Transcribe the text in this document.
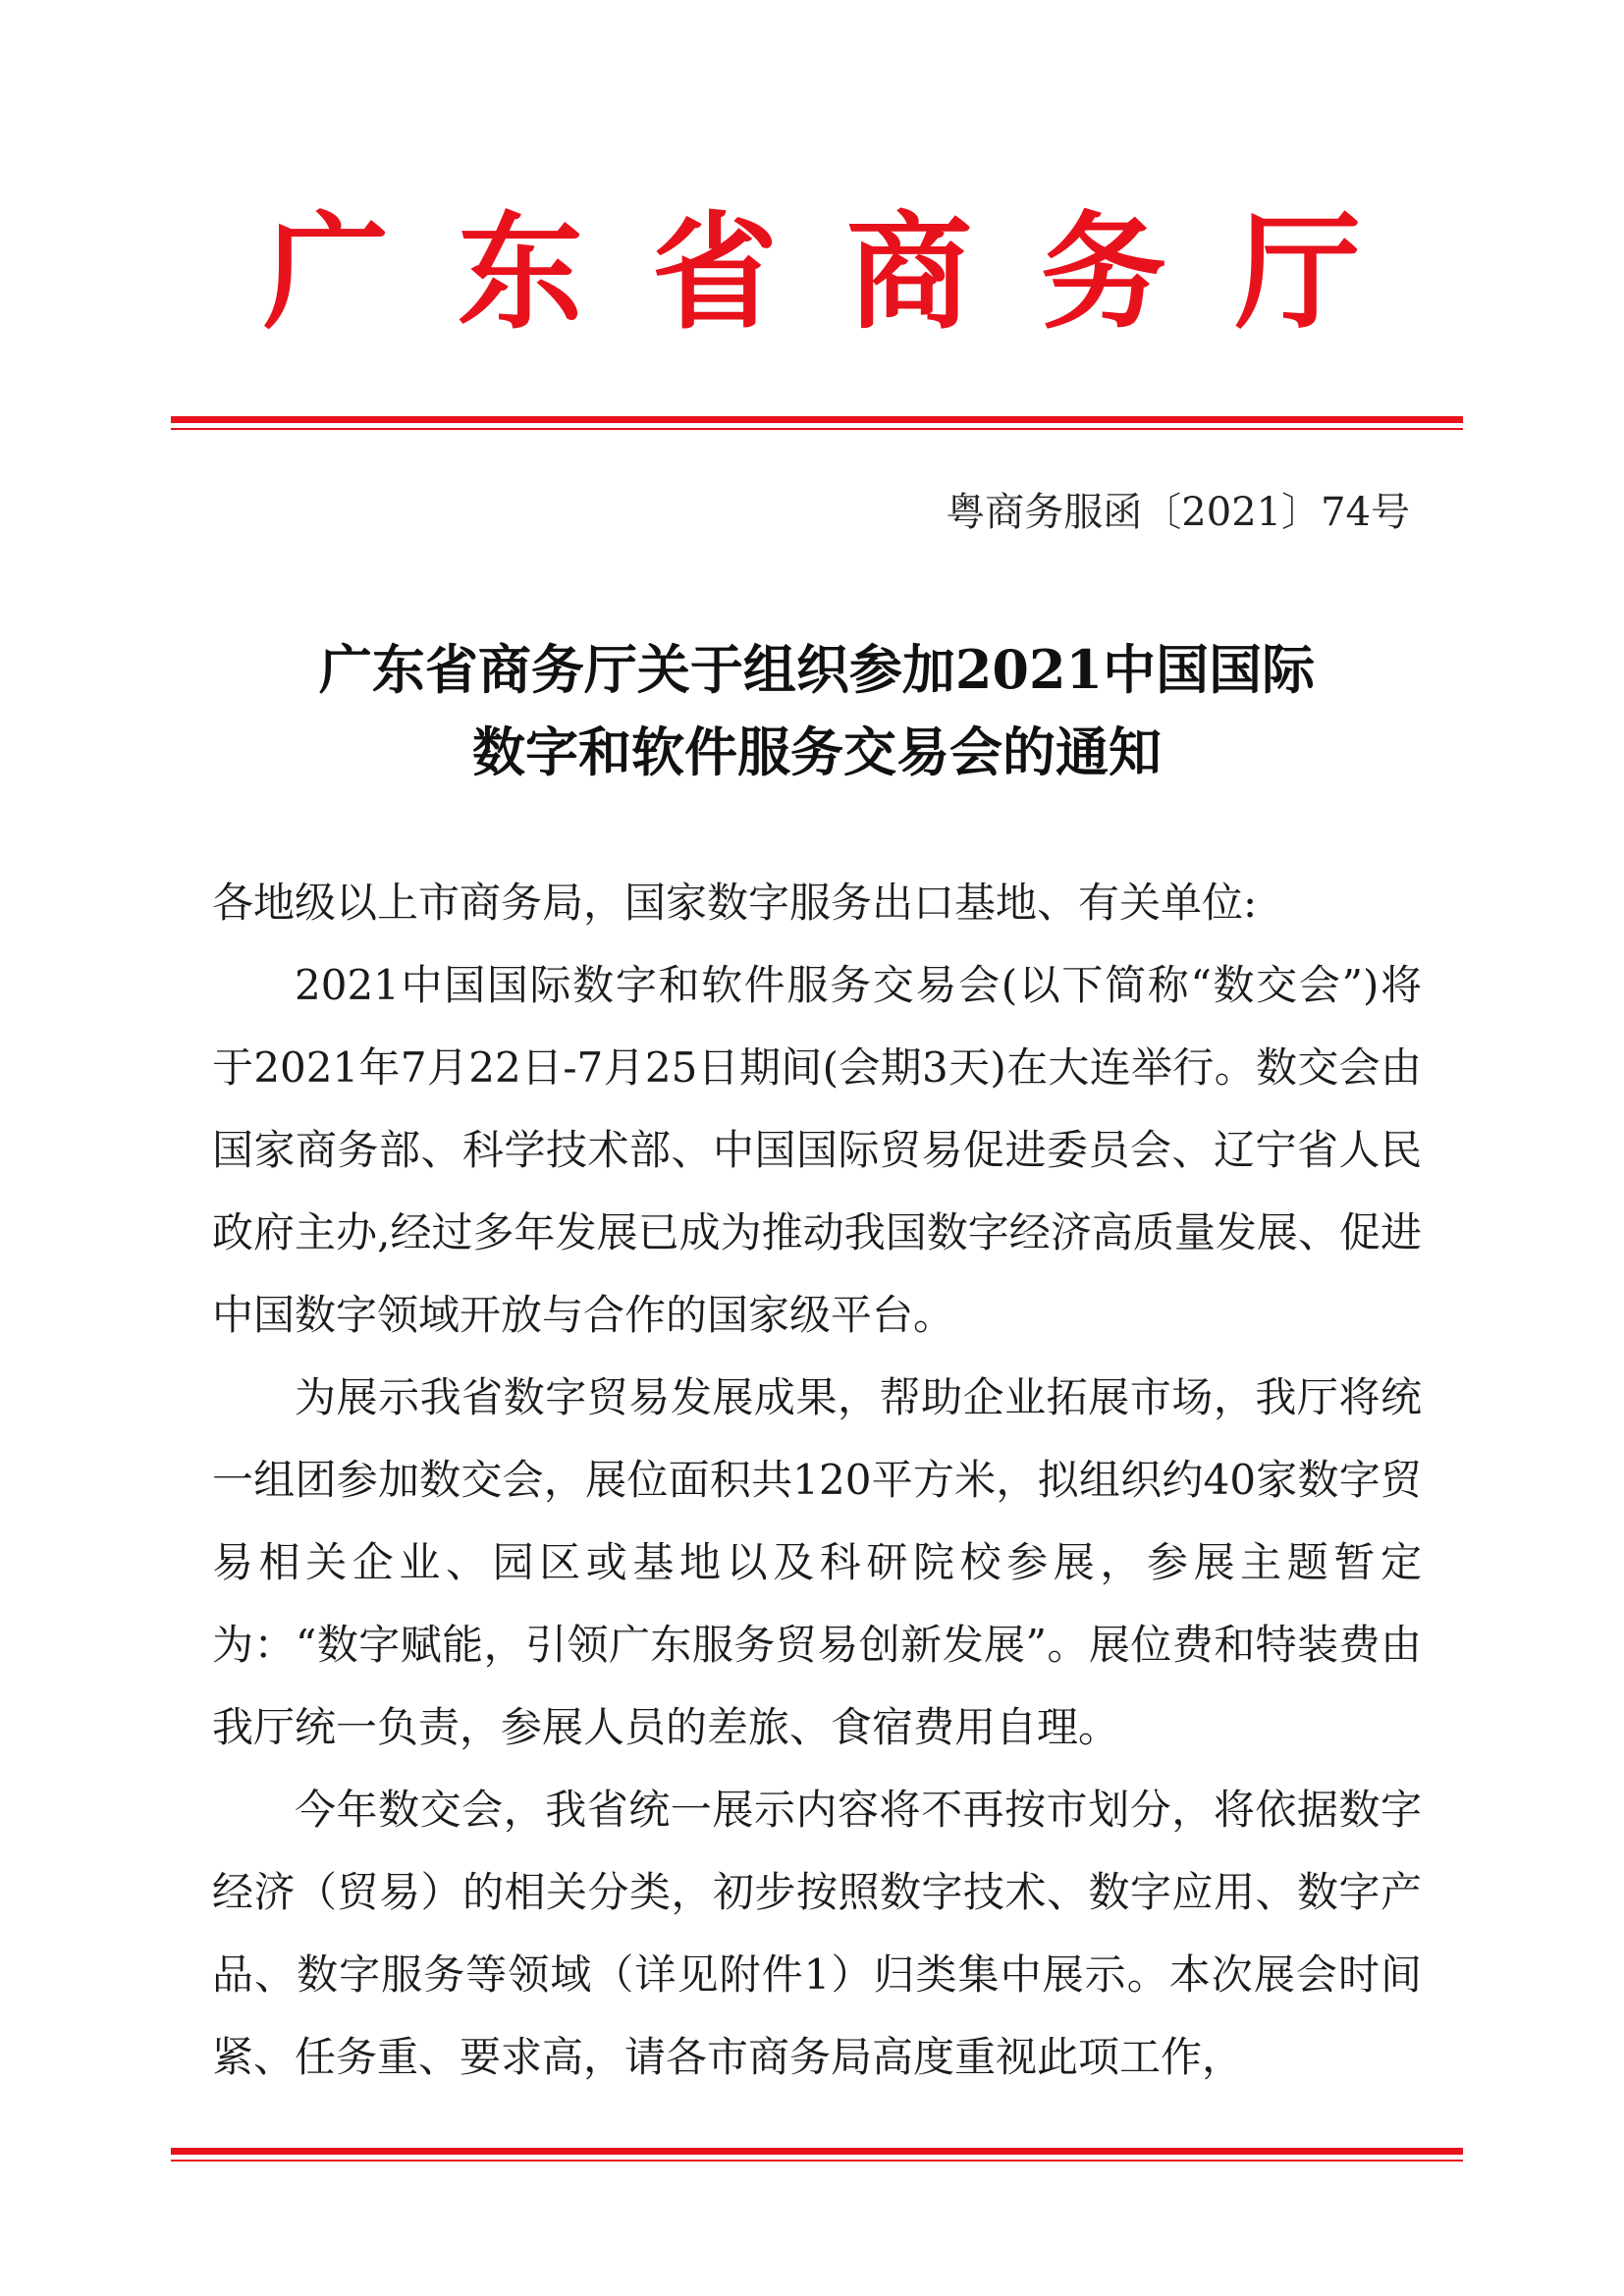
广东省商务厅
粤商务服函〔2021〕74号
广东省商务厅关于组织参加2021中国国际
数字和软件服务交易会的通知

各地级以上市商务局，国家数字服务出口基地、有关单位:

2021中国国际数字和软件服务交易会(以下简称“数交会”)将于2021年7月22日-7月25日期间(会期3天)在大连举行。数交会由国家商务部、科学技术部、中国国际贸易促进委员会、辽宁省人民政府主办,经过多年发展已成为推动我国数字经济高质量发展、促进中国数字领域开放与合作的国家级平台。

为展示我省数字贸易发展成果，帮助企业拓展市场，我厅将统一组团参加数交会，展位面积共120平方米，拟组织约40家数字贸易相关企业、园区或基地以及科研院校参展，参展主题暂定为：“数字赋能，引领广东服务贸易创新发展”。展位费和特装费由我厅统一负责，参展人员的差旅、食宿费用自理。

今年数交会，我省统一展示内容将不再按市划分，将依据数字经济（贸易）的相关分类，初步按照数字技术、数字应用、数字产品、数字服务等领域（详见附件1）归类集中展示。本次展会时间紧、任务重、要求高，请各市商务局高度重视此项工作，
